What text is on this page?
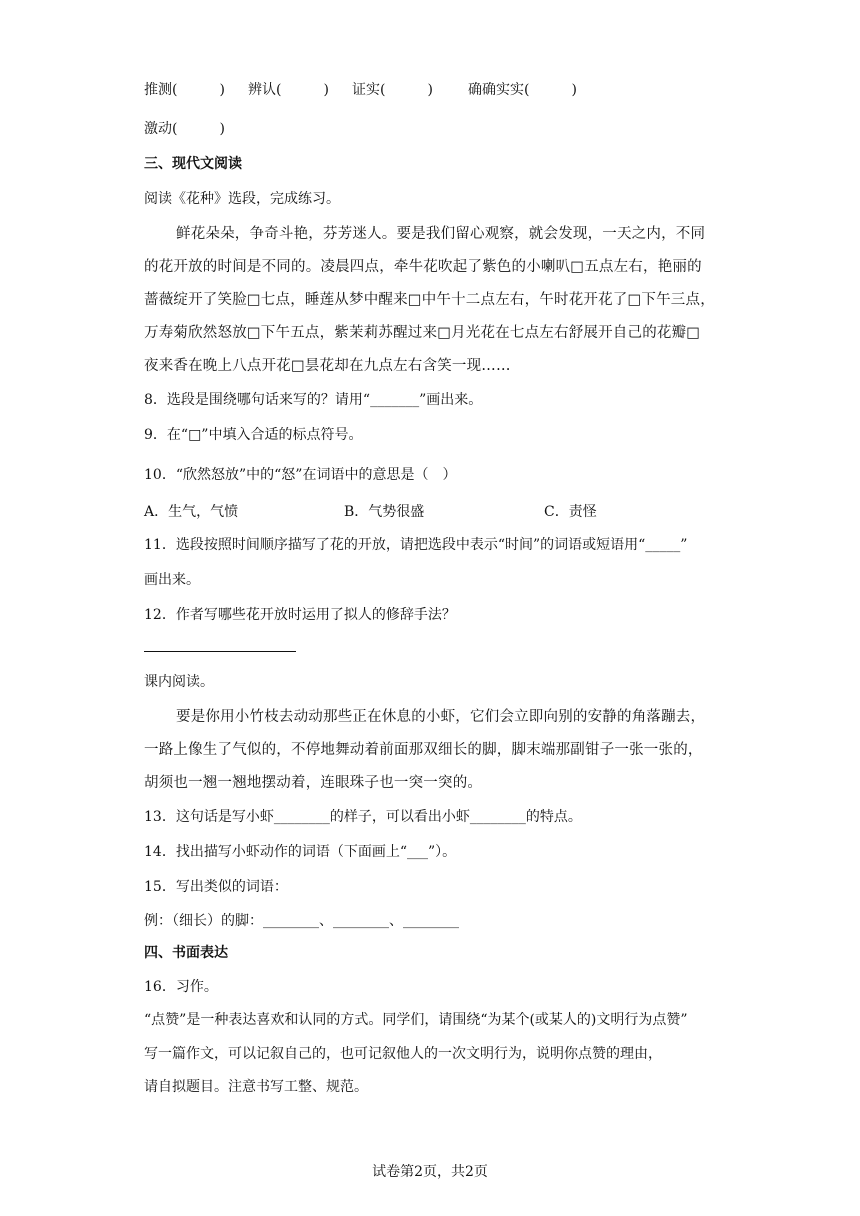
推测(　　　) 辨认(　　　) 证实(　　　)	确确实实(　　　)
激动(　　　)
三、现代文阅读
阅读《花种》选段，完成练习。
鲜花朵朵，争奇斗艳，芬芳迷人。要是我们留心观察，就会发现，一天之内，不同
的花开放的时间是不同的。凌晨四点，牵牛花吹起了紫色的小喇叭□五点左右，艳丽的
蔷薇绽开了笑脸□七点，睡莲从梦中醒来□中午十二点左右，午时花开花了□下午三点，
万寿菊欣然怒放□下午五点，紫茉莉苏醒过来□月光花在七点左右舒展开自己的花瓣□
夜来香在晚上八点开花□昙花却在九点左右含笑一现……
8．选段是围绕哪句话来写的？请用“_______”画出来。
9．在“□”中填入合适的标点符号。
10．“欣然怒放”中的“怒”在词语中的意思是（　）
A．生气，气愤	B．气势很盛	C．责怪
11．选段按照时间顺序描写了花的开放，请把选段中表示“时间”的词语或短语用“_____”
画出来。
12．作者写哪些花开放时运用了拟人的修辞手法？
课内阅读。
要是你用小竹枝去动动那些正在休息的小虾，它们会立即向别的安静的角落蹦去，
一路上像生了气似的，不停地舞动着前面那双细长的脚，脚末端那副钳子一张一张的，
胡须也一翘一翘地摆动着，连眼珠子也一突一突的。
13．这句话是写小虾________的样子，可以看出小虾________的特点。
14．找出描写小虾动作的词语（下面画上“___”）。
15．写出类似的词语：
例：（细长）的脚：________、________、________
四、书面表达
16．习作。
“点赞”是一种表达喜欢和认同的方式。同学们，请围绕“为某个(或某人的)文明行为点赞”
写一篇作文，可以记叙自己的，也可记叙他人的一次文明行为，说明你点赞的理由，
请自拟题目。注意书写工整、规范。
试卷第2页，共2页
